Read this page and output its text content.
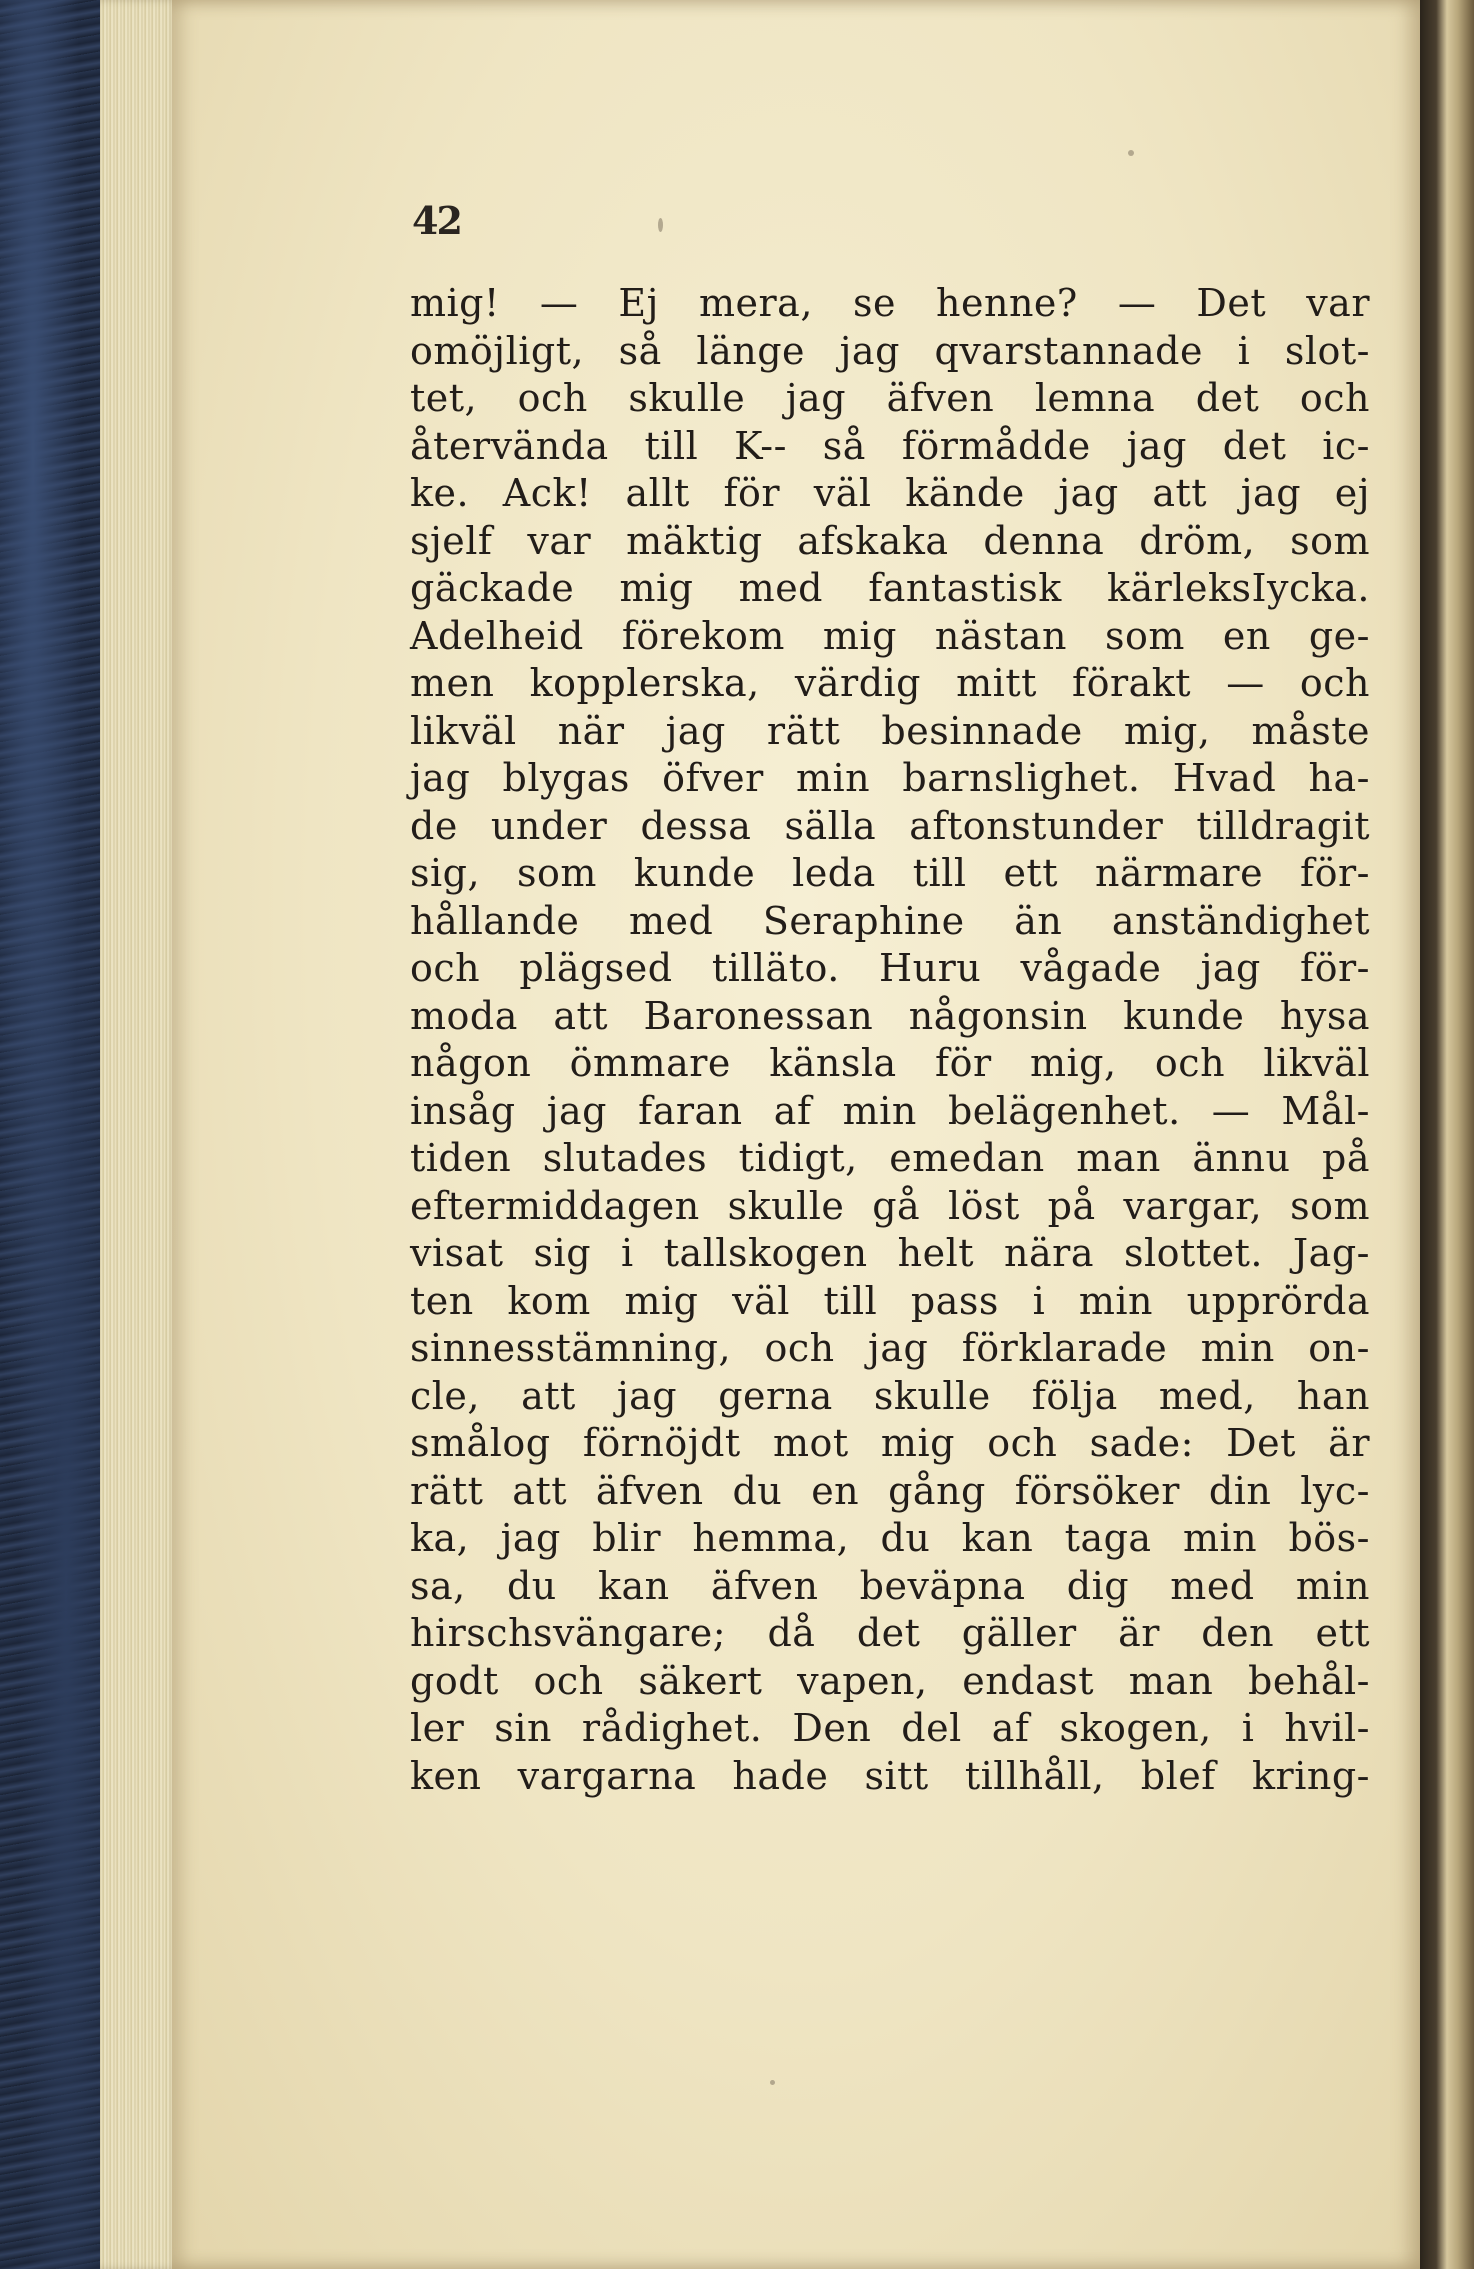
42
mig! — Ej mera, se henne? — Det var
omöjligt, så länge jag qvarstannade i slot-
tet, och skulle jag äfven lemna det och
återvända till K-- så förmådde jag det ic-
ke. Ack! allt för väl kände jag att jag ej
sjelf var mäktig afskaka denna dröm, som
gäckade mig med fantastisk kärleksIycka.
Adelheid förekom mig nästan som en ge-
men kopplerska, värdig mitt förakt — och
likväl när jag rätt besinnade mig, måste
jag blygas öfver min barnslighet. Hvad ha-
de under dessa sälla aftonstunder tilldragit
sig, som kunde leda till ett närmare för-
hållande med Seraphine än anständighet
och plägsed tilläto. Huru vågade jag för-
moda att Baronessan någonsin kunde hysa
någon ömmare känsla för mig, och likväl
insåg jag faran af min belägenhet. — Mål-
tiden slutades tidigt, emedan man ännu på
eftermiddagen skulle gå löst på vargar, som
visat sig i tallskogen helt nära slottet. Jag-
ten kom mig väl till pass i min upprörda
sinnesstämning, och jag förklarade min on-
cle, att jag gerna skulle följa med, han
smålog förnöjdt mot mig och sade: Det är
rätt att äfven du en gång försöker din lyc-
ka, jag blir hemma, du kan taga min bös-
sa, du kan äfven beväpna dig med min
hirschsvängare; då det gäller är den ett
godt och säkert vapen, endast man behål-
ler sin rådighet. Den del af skogen, i hvil-
ken vargarna hade sitt tillhåll, blef kring-
